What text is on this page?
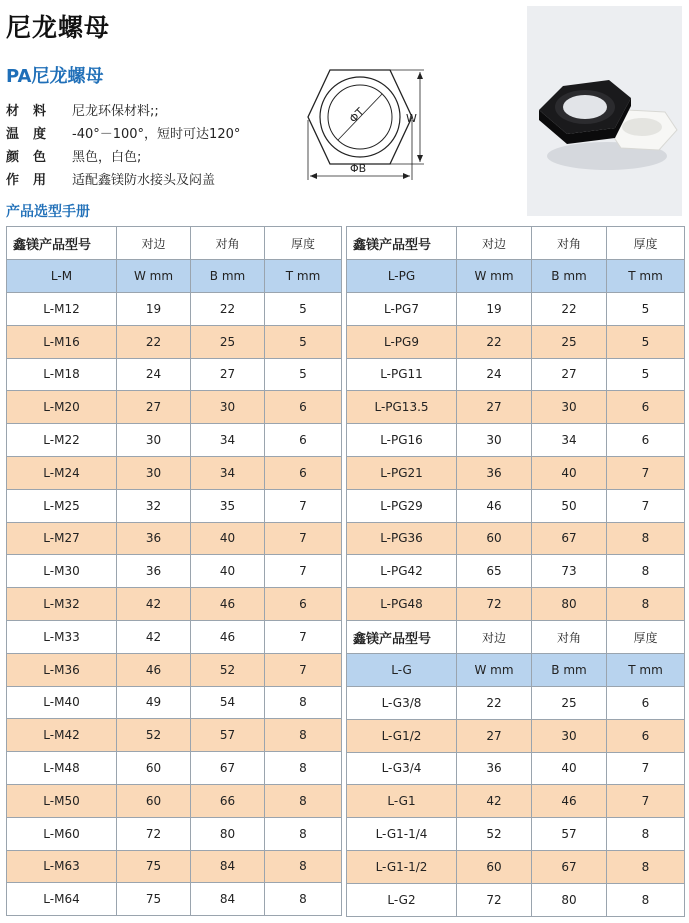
尼龙螺母
PA尼龙螺母
材料 尼龙环保材料;;
温度 -40°－100°，短时可达120°
颜色 黑色，白色;
作用 适配鑫镁防水接头及闷盖
ΦT	W
ΦB
产品选型手册
鑫镁产品型号	对边	对角	厚度
L-M	W mm	B mm	T mm
L-M12	19	22	5
L-M16	22	25	5
L-M18	24	27	5
L-M20	27	30	6
L-M22	30	34	6
L-M24	30	34	6
L-M25	32	35	7
L-M27	36	40	7
L-M30	36	40	7
L-M32	42	46	6
L-M33	42	46	7
L-M36	46	52	7
L-M40	49	54	8
L-M42	52	57	8
L-M48	60	67	8
L-M50	60	66	8
L-M60	72	80	8
L-M63	75	84	8
L-M64	75	84	8
鑫镁产品型号	对边	对角	厚度
L-PG	W mm	B mm	T mm
L-PG7	19	22	5
L-PG9	22	25	5
L-PG11	24	27	5
L-PG13.5	27	30	6
L-PG16	30	34	6
L-PG21	36	40	7
L-PG29	46	50	7
L-PG36	60	67	8
L-PG42	65	73	8
L-PG48	72	80	8
鑫镁产品型号	对边	对角	厚度
L-G	W mm	B mm	T mm
L-G3/8	22	25	6
L-G1/2	27	30	6
L-G3/4	36	40	7
L-G1	42	46	7
L-G1-1/4	52	57	8
L-G1-1/2	60	67	8
L-G2	72	80	8
